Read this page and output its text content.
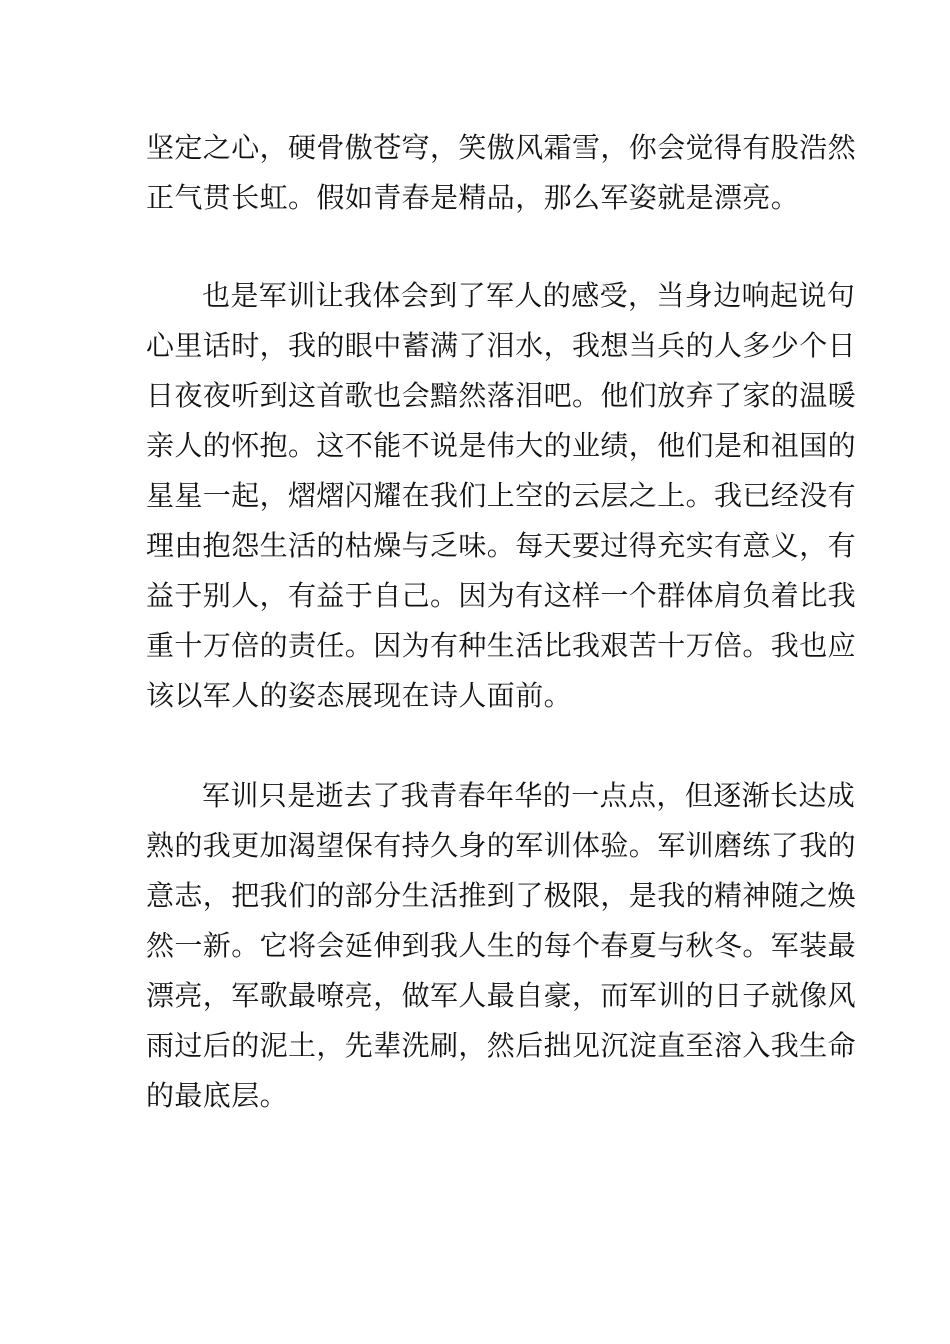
坚定之心，硬骨傲苍穹，笑傲风霜雪，你会觉得有股浩然
正气贯长虹。假如青春是精品，那么军姿就是漂亮。
也是军训让我体会到了军人的感受，当身边响起说句
心里话时，我的眼中蓄满了泪水，我想当兵的人多少个日
日夜夜听到这首歌也会黯然落泪吧。他们放弃了家的温暖
亲人的怀抱。这不能不说是伟大的业绩，他们是和祖国的
星星一起，熠熠闪耀在我们上空的云层之上。我已经没有
理由抱怨生活的枯燥与乏味。每天要过得充实有意义，有
益于别人，有益于自己。因为有这样一个群体肩负着比我
重十万倍的责任。因为有种生活比我艰苦十万倍。我也应
该以军人的姿态展现在诗人面前。
军训只是逝去了我青春年华的一点点，但逐渐长达成
熟的我更加渴望保有持久身的军训体验。军训磨练了我的
意志，把我们的部分生活推到了极限，是我的精神随之焕
然一新。它将会延伸到我人生的每个春夏与秋冬。军装最
漂亮，军歌最嘹亮，做军人最自豪，而军训的日子就像风
雨过后的泥土，先辈洗刷，然后拙见沉淀直至溶入我生命
的最底层。
